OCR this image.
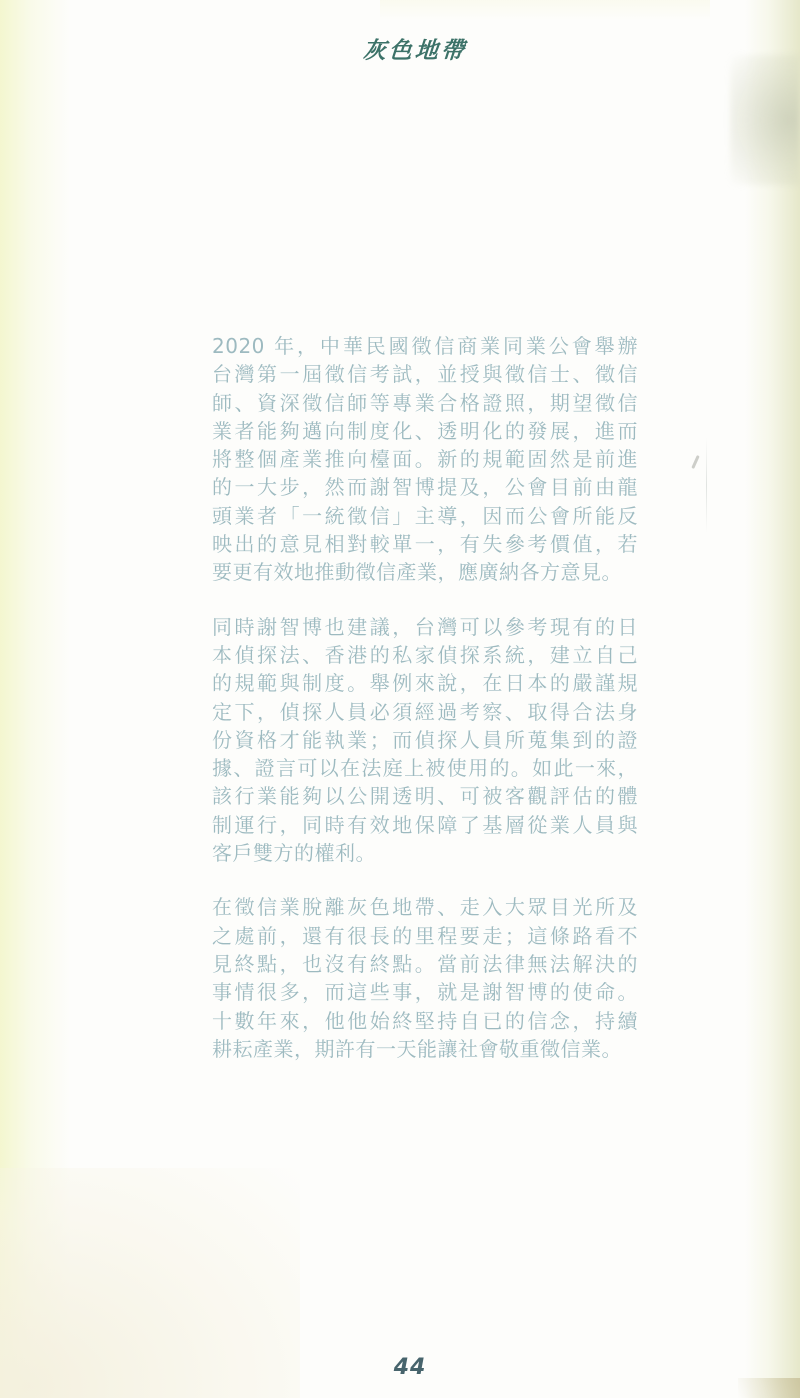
灰色地帶
2020 年，中華民國徵信商業同業公會舉辦
台灣第一屆徵信考試，並授與徵信士、徵信
師、資深徵信師等專業合格證照，期望徵信
業者能夠邁向制度化、透明化的發展，進而
將整個產業推向檯面。新的規範固然是前進
的一大步，然而謝智博提及，公會目前由龍
頭業者「一統徵信」主導，因而公會所能反
映出的意見相對較單一，有失參考價值，若
要更有效地推動徵信產業，應廣納各方意見。
同時謝智博也建議，台灣可以參考現有的日
本偵探法、香港的私家偵探系統，建立自己
的規範與制度。舉例來說，在日本的嚴謹規
定下，偵探人員必須經過考察、取得合法身
份資格才能執業；而偵探人員所蒐集到的證
據、證言可以在法庭上被使用的。如此一來，
該行業能夠以公開透明、可被客觀評估的體
制運行，同時有效地保障了基層從業人員與
客戶雙方的權利。
在徵信業脫離灰色地帶、走入大眾目光所及
之處前，還有很長的里程要走；這條路看不
見終點，也沒有終點。當前法律無法解決的
事情很多，而這些事，就是謝智博的使命。
十數年來，他他始終堅持自已的信念，持續
耕耘產業，期許有一天能讓社會敬重徵信業。
44
